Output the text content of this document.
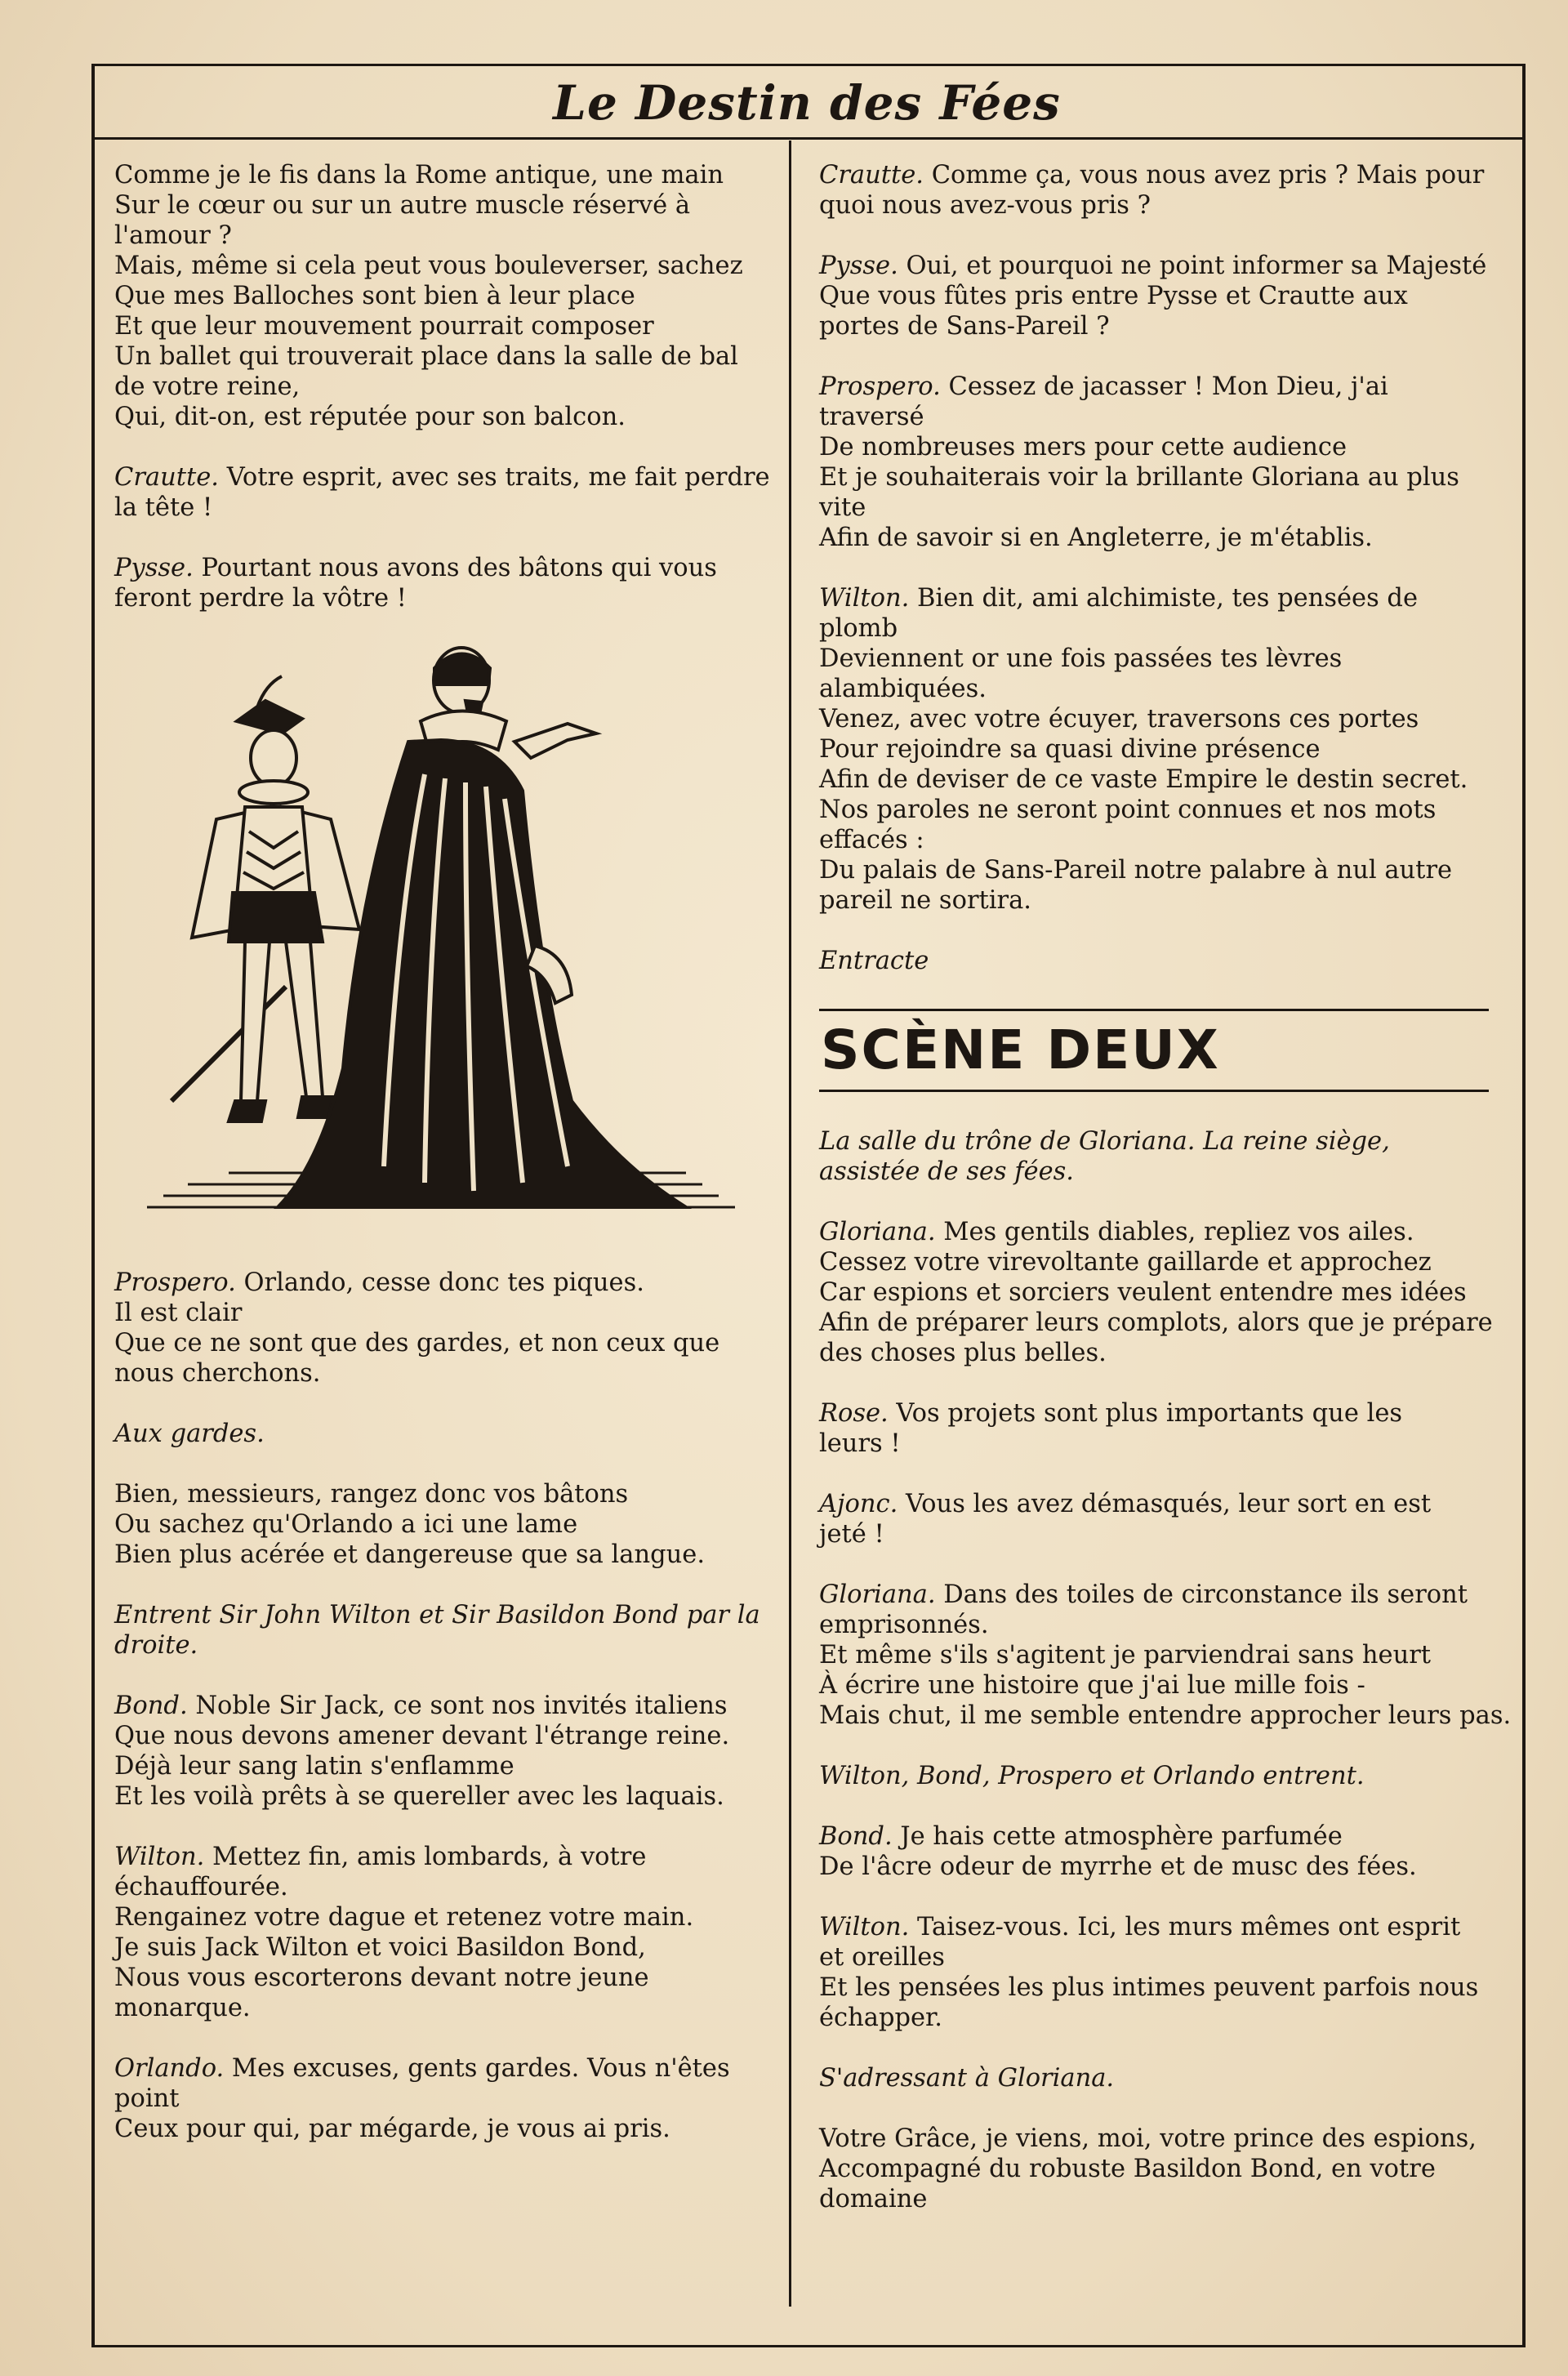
Le Destin des Fées
Comme je le fis dans la Rome antique, une main
Sur le cœur ou sur un autre muscle réservé à
l'amour ?
Mais, même si cela peut vous bouleverser, sachez
Que mes Balloches sont bien à leur place
Et que leur mouvement pourrait composer
Un ballet qui trouverait place dans la salle de bal
de votre reine,
Qui, dit-on, est réputée pour son balcon.
Crautte. Votre esprit, avec ses traits, me fait perdre
la tête !
Pysse. Pourtant nous avons des bâtons qui vous
feront perdre la vôtre !
Prospero. Orlando, cesse donc tes piques.
Il est clair
Que ce ne sont que des gardes, et non ceux que
nous cherchons.
Aux gardes.
Bien, messieurs, rangez donc vos bâtons
Ou sachez qu'Orlando a ici une lame
Bien plus acérée et dangereuse que sa langue.
Entrent Sir John Wilton et Sir Basildon Bond par la droite.
Bond. Noble Sir Jack, ce sont nos invités italiens
Que nous devons amener devant l'étrange reine.
Déjà leur sang latin s'enflamme
Et les voilà prêts à se quereller avec les laquais.
Wilton. Mettez fin, amis lombards, à votre
échauffourée.
Rengainez votre dague et retenez votre main.
Je suis Jack Wilton et voici Basildon Bond,
Nous vous escorterons devant notre jeune
monarque.
Orlando. Mes excuses, gents gardes. Vous n'êtes
point
Ceux pour qui, par mégarde, je vous ai pris.
Crautte. Comme ça, vous nous avez pris ? Mais pour
quoi nous avez-vous pris ?
Pysse. Oui, et pourquoi ne point informer sa Majesté
Que vous fûtes pris entre Pysse et Crautte aux
portes de Sans-Pareil ?
Prospero. Cessez de jacasser ! Mon Dieu, j'ai
traversé
De nombreuses mers pour cette audience
Et je souhaiterais voir la brillante Gloriana au plus
vite
Afin de savoir si en Angleterre, je m'établis.
Wilton. Bien dit, ami alchimiste, tes pensées de
plomb
Deviennent or une fois passées tes lèvres
alambiquées.
Venez, avec votre écuyer, traversons ces portes
Pour rejoindre sa quasi divine présence
Afin de deviser de ce vaste Empire le destin secret.
Nos paroles ne seront point connues et nos mots
effacés :
Du palais de Sans-Pareil notre palabre à nul autre
pareil ne sortira.
Entracte
SCÈNE DEUX
La salle du trône de Gloriana. La reine siège, assistée de ses fées.
Gloriana. Mes gentils diables, repliez vos ailes.
Cessez votre virevoltante gaillarde et approchez
Car espions et sorciers veulent entendre mes idées
Afin de préparer leurs complots, alors que je prépare
des choses plus belles.
Rose. Vos projets sont plus importants que les
leurs !
Ajonc. Vous les avez démasqués, leur sort en est
jeté !
Gloriana. Dans des toiles de circonstance ils seront
emprisonnés.
Et même s'ils s'agitent je parviendrai sans heurt
À écrire une histoire que j'ai lue mille fois -
Mais chut, il me semble entendre approcher leurs pas.
Wilton, Bond, Prospero et Orlando entrent.
Bond. Je hais cette atmosphère parfumée
De l'âcre odeur de myrrhe et de musc des fées.
Wilton. Taisez-vous. Ici, les murs mêmes ont esprit
et oreilles
Et les pensées les plus intimes peuvent parfois nous
échapper.
S'adressant à Gloriana.
Votre Grâce, je viens, moi, votre prince des espions,
Accompagné du robuste Basildon Bond, en votre
domaine
